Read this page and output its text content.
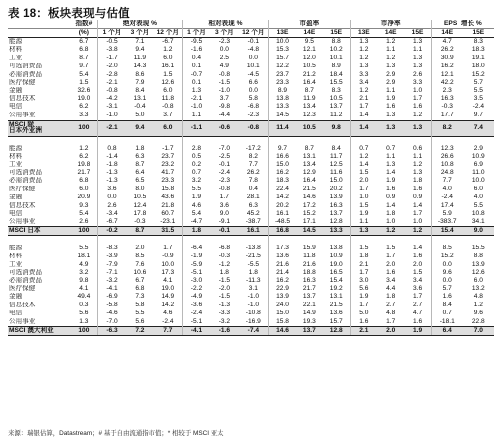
表 18：板块表现与估值
	指数#	绝对表现 %			相对表现 %			市盈率			市净率			EPS 增长 %	
	(%)	1 个月	3 个月	12 个月	1 个月	3 个月	12 个月	13E	14E	15E	13E	14E	15E	14E	15E
能源	6.7	-0.5	7.1	-6.7	-9.5	-2.3	-0.1	10.0	9.5	8.8	1.3	1.2	1.3	4.7	8.3
材料	6.8	-3.8	9.4	1.2	-1.6	0.0	-4.8	15.3	12.1	10.2	1.2	1.1	1.1	26.2	18.3
工业	8.7	-1.7	11.9	6.0	0.4	2.5	0.0	15.7	12.0	10.1	1.2	1.2	1.3	30.9	19.1
可选消费品	9.7	-2.0	14.3	16.1	0.1	4.9	10.1	12.2	10.5	8.9	1.3	1.3	1.3	16.2	18.0
必需消费品	5.4	-2.8	8.6	1.5	-0.7	-0.8	-4.5	23.7	21.2	18.4	3.3	2.9	2.6	12.1	15.2
医疗保健	1.5	-2.1	7.9	12.6	0.1	-1.5	6.6	23.3	16.4	15.5	3.4	2.9	3.3	42.2	5.7
金融	32.6	-0.8	8.4	6.0	1.3	-1.0	0.0	8.9	8.7	8.3	1.2	1.1	1.0	2.3	5.5
信息技术	19.0	-4.2	13.1	11.8	-2.1	3.7	5.8	13.8	11.9	10.5	2.1	1.9	1.7	16.3	3.5
电信	6.2	-3.1	-0.4	-0.8	-1.0	-9.8	-6.8	13.3	13.4	13.7	1.7	1.6	1.6	-0.3	-2.4
公用事业	3.3	-1.0	5.0	3.7	1.1	-4.4	-2.3	14.5	12.3	11.2	1.4	1.3	1.2	17.7	9.7
MSCI 除
日本外亚洲	100	-2.1	9.4	6.0	-1.1	-0.6	-0.8	11.4	10.5	9.8	1.4	1.3	1.3	8.2	7.4

能源	1.2	0.8	1.8	-1.7	2.8	-7.0	-17.2	9.7	8.7	8.4	0.7	0.7	0.6	12.3	2.9
材料	6.2	-1.4	6.3	23.7	0.5	-2.5	8.2	16.6	13.1	11.7	1.2	1.1	1.1	26.6	10.9
工业	19.8	-1.8	8.7	23.2	0.2	-0.1	7.7	15.0	13.4	12.5	1.4	1.3	1.2	10.8	6.9
可选消费品	21.7	-1.3	6.4	41.7	0.7	-2.4	26.2	16.2	12.9	11.6	1.5	1.4	1.3	24.8	11.0
必需消费品	6.8	-1.3	6.5	23.3	3.2	-2.3	7.8	18.3	16.4	15.0	2.0	1.9	1.8	7.7	10.0
医疗保健	6.0	3.6	8.0	15.8	5.5	-0.8	0.4	22.4	21.5	20.2	1.7	1.6	1.6	4.0	6.0
金融	20.9	0.0	10.5	43.6	1.9	1.7	28.1	14.2	14.6	13.9	1.0	0.9	0.9	-2.4	4.0
信息技术	9.3	2.6	12.4	21.8	4.6	3.6	6.3	20.2	17.2	16.3	1.5	1.4	1.4	17.4	5.5
电信	5.4	-3.4	17.8	60.7	5.4	9.0	45.2	16.1	15.2	13.7	1.9	1.8	1.7	5.9	10.8
公用事业	2.6	-6.7	-0.3	-23.1	-4.7	-9.1	-38.7	-48.5	17.1	12.8	1.1	1.0	1.0	-383.7	34.1
MSCI 日本	100	-0.2	8.7	31.5	1.8	-0.1	16.1	16.8	14.5	13.3	1.3	1.2	1.2	15.4	9.0

能源	5.5	-8.3	2.0	1.7	-6.4	-6.8	-13.8	17.3	15.9	13.8	1.5	1.5	1.4	8.5	15.5
材料	18.1	-3.9	8.5	-0.9	-1.9	-0.3	-21.5	13.6	11.8	10.9	1.8	1.7	1.6	15.2	8.8
工业	4.9	-7.9	7.6	10.0	-5.9	-1.2	-5.5	21.6	21.6	19.0	2.1	2.0	2.0	0.0	13.9
可选消费品	3.2	-7.1	10.6	17.3	-5.1	1.8	1.8	21.4	18.8	16.5	1.7	1.6	1.5	9.6	12.6
必需消费品	9.8	-3.2	6.7	4.1	-3.0	-1.5	-11.3	16.2	16.3	15.4	3.0	3.4	3.4	0.0	6.0
医疗保健	4.1	-4.1	6.8	19.0	-2.2	-2.0	3.1	22.9	21.7	19.2	5.6	4.4	3.6	5.7	13.2
金融	49.4	-6.9	7.3	14.9	-4.9	-1.5	-1.0	13.9	13.7	13.1	1.9	1.8	1.7	1.6	4.8
信息技术	0.3	-5.8	5.8	14.2	-3.6	-1.3	-1.0	24.0	22.1	21.5	1.7	2.7	2.7	8.4	1.2
电信	5.6	-4.6	5.5	4.6	-2.4	-3.3	-10.8	15.0	14.9	13.6	5.0	4.8	4.7	0.7	9.6
公用事业	1.3	-7.0	5.6	-2.4	-5.1	-3.2	-16.9	15.8	19.3	15.7	1.6	1.7	1.6	-18.1	22.8
MSCI 澳大利亚	100	-6.3	7.2	7.7	-4.1	-1.6	-7.4	14.6	13.7	12.8	2.1	2.0	1.9	6.4	7.0
来源：瑞银估算，Datastream；# 基于自由流通指市值；* 相较于 MSCI 亚太
